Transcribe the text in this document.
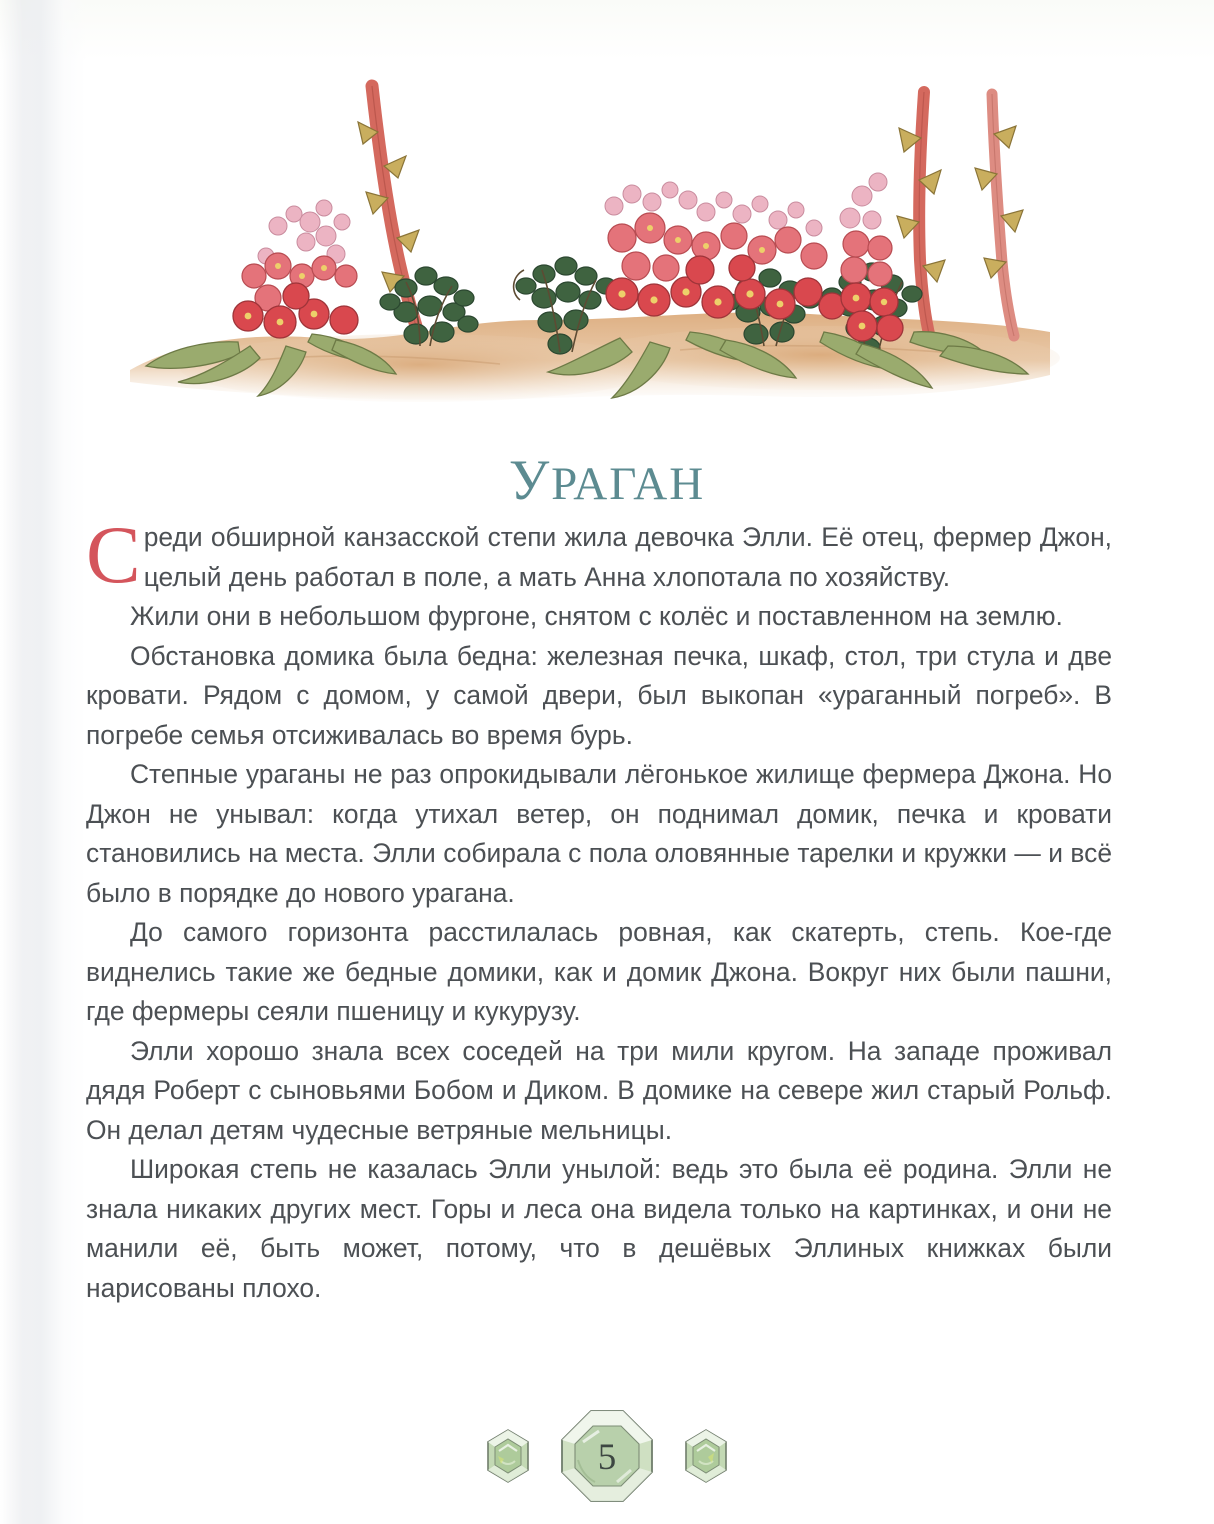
УРАГАН

Среди обширной канзасской степи жила девочка Элли. Её отец, фермер Джон, целый день работал в поле, а мать Анна хлопотала по хозяйству.

Жили они в небольшом фургоне, снятом с колёс и поставленном на землю.

Обстановка домика была бедна: железная печка, шкаф, стол, три стула и две кровати. Рядом с домом, у самой двери, был выкопан «ураганный погреб». В погребе семья отсиживалась во время бурь.

Степные ураганы не раз опрокидывали лёгонькое жилище фермера Джона. Но Джон не унывал: когда утихал ветер, он поднимал домик, печка и кровати становились на места. Элли собирала с пола оловянные тарелки и кружки — и всё было в порядке до нового урагана.

До самого горизонта расстилалась ровная, как скатерть, степь. Кое-где виднелись такие же бедные домики, как и домик Джона. Вокруг них были пашни, где фермеры сеяли пшеницу и кукурузу.

Элли хорошо знала всех соседей на три мили кругом. На западе проживал дядя Роберт с сыновьями Бобом и Диком. В домике на севере жил старый Рольф. Он делал детям чудесные ветряные мельницы.

Широкая степь не казалась Элли унылой: ведь это была её родина. Элли не знала никаких других мест. Горы и леса она видела только на картинках, и они не манили её, быть может, потому, что в дешёвых Эллиных книжках были нарисованы плохо.

5
